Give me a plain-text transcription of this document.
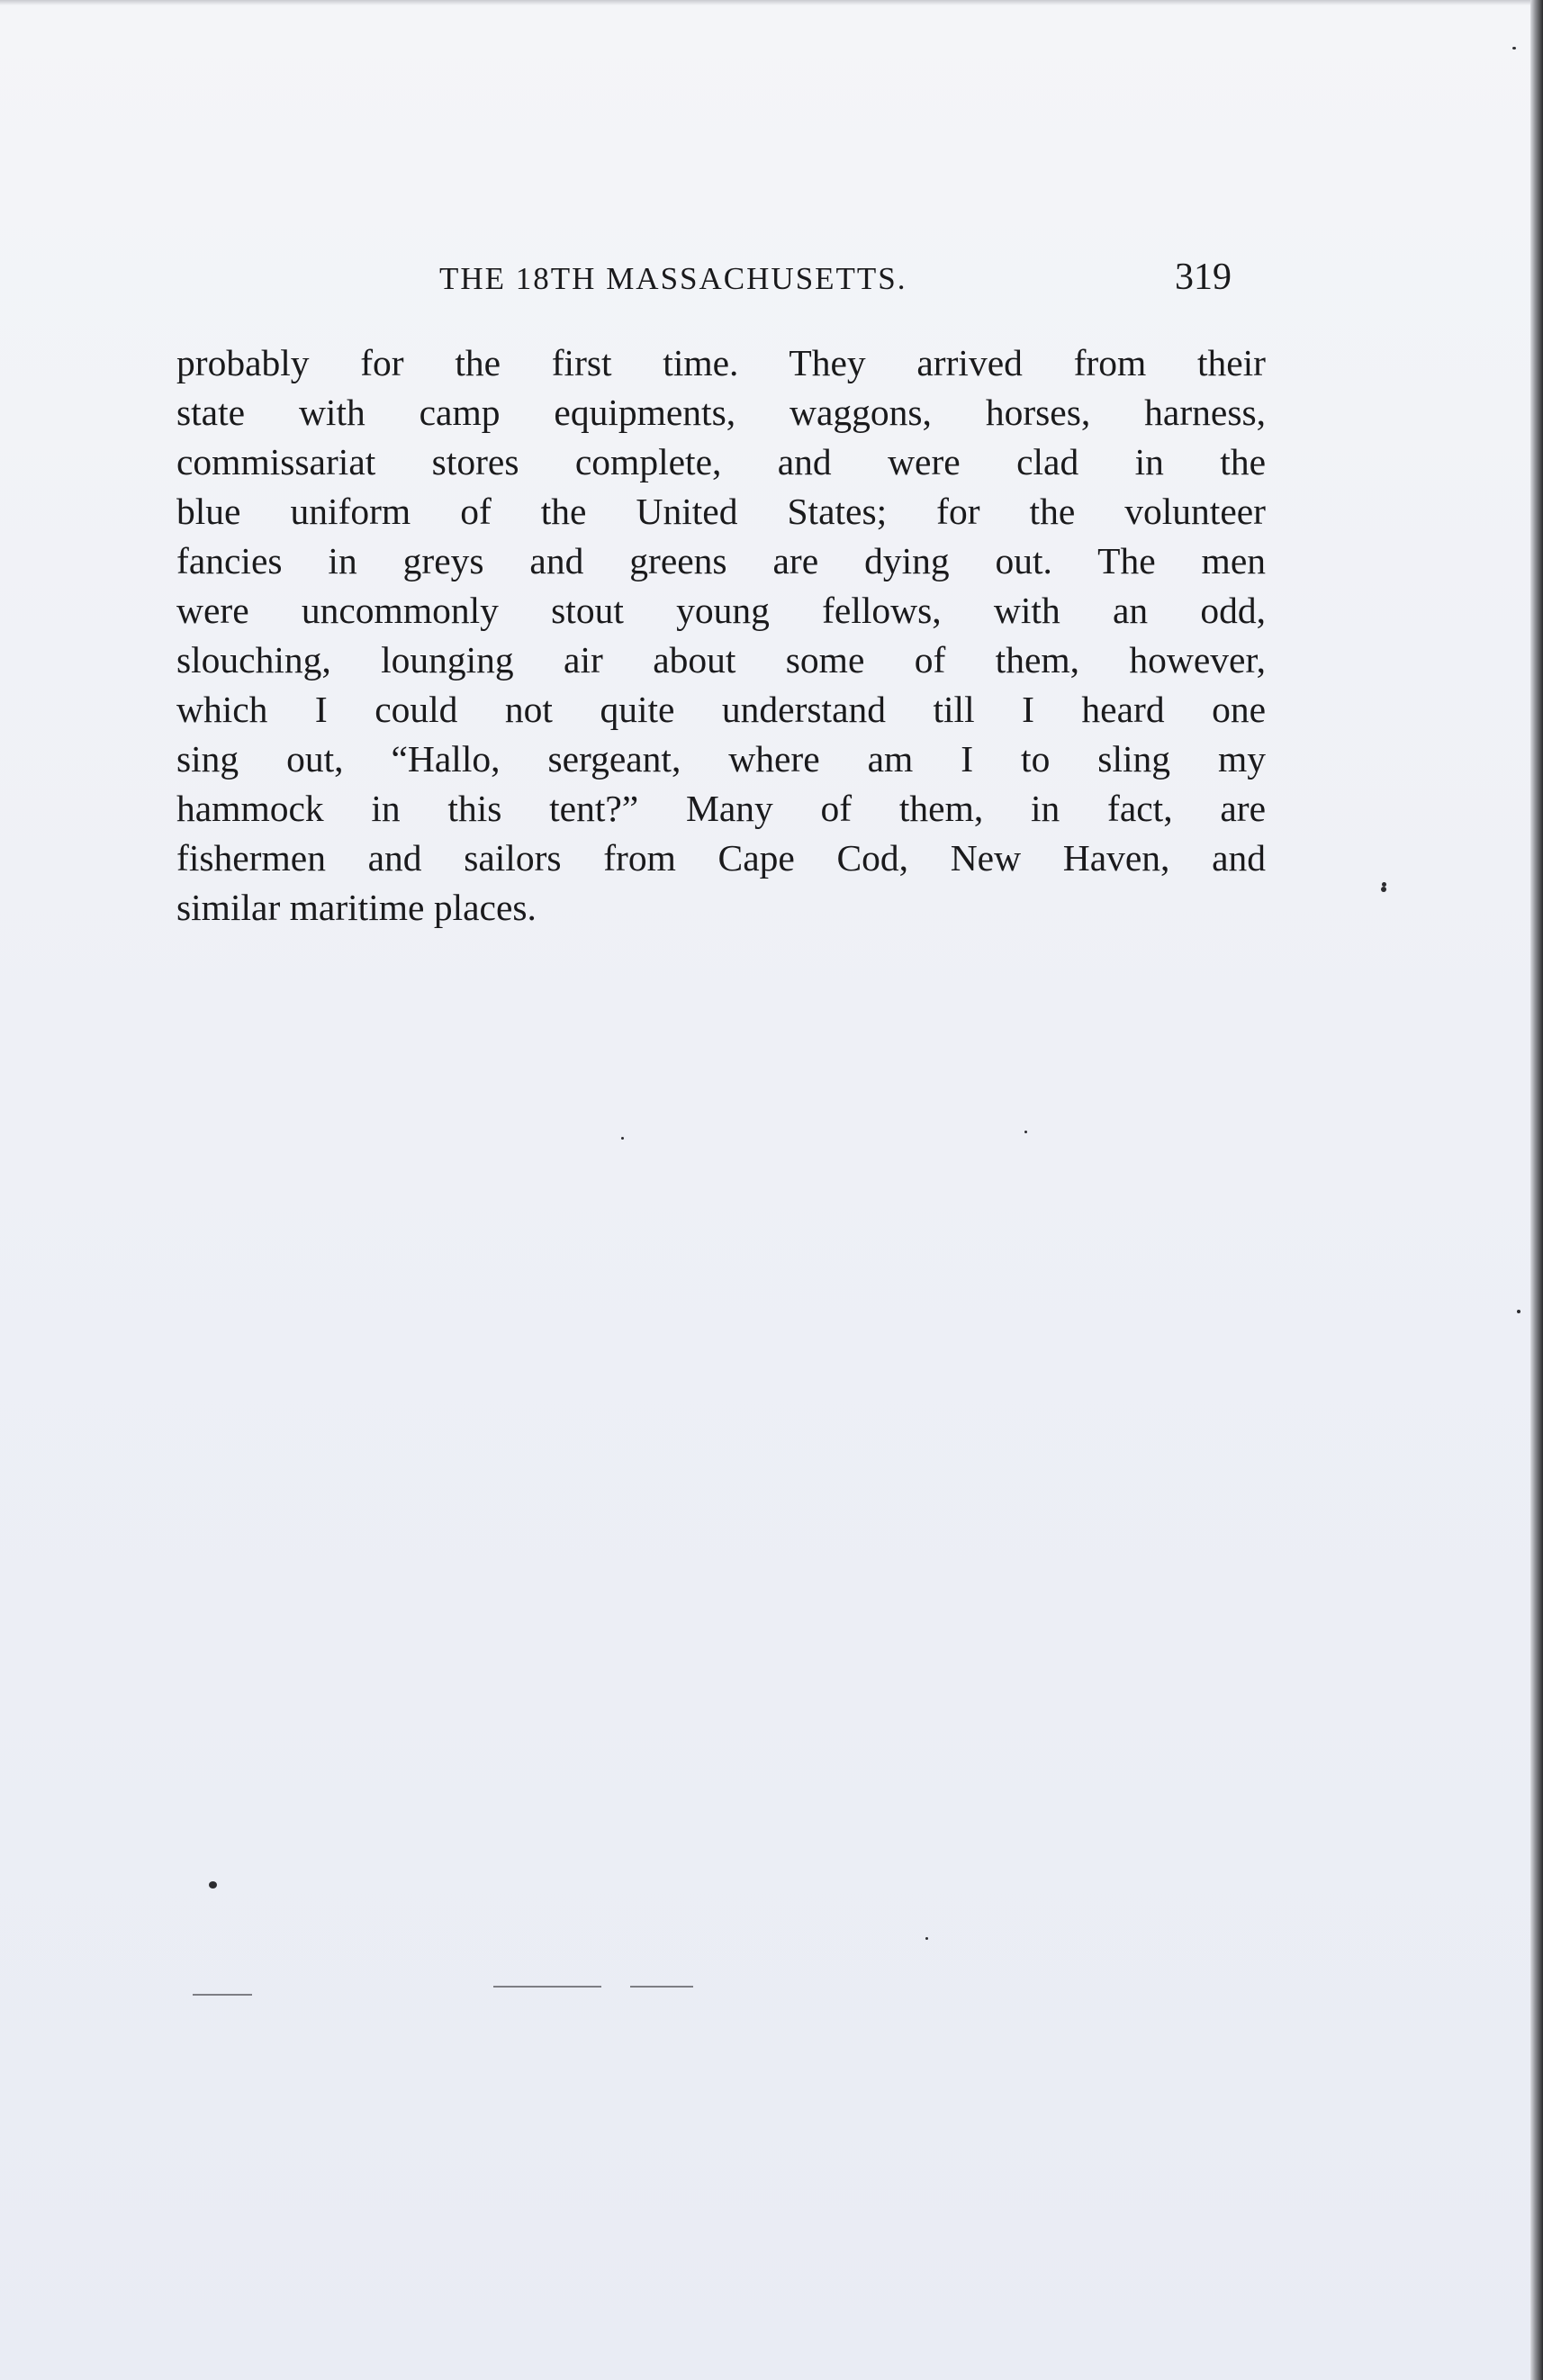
THE 18TH MASSACHUSETTS.	319
probably for the first time. They arrived from their
state with camp equipments, waggons, horses, harness,
commissariat stores complete, and were clad in the
blue uniform of the United States; for the volunteer
fancies in greys and greens are dying out. The men
were uncommonly stout young fellows, with an odd,
slouching, lounging air about some of them, however,
which I could not quite understand till I heard one
sing out, “Hallo, sergeant, where am I to sling my
hammock in this tent?” Many of them, in fact, are
fishermen and sailors from Cape Cod, New Haven, and
similar maritime places.
